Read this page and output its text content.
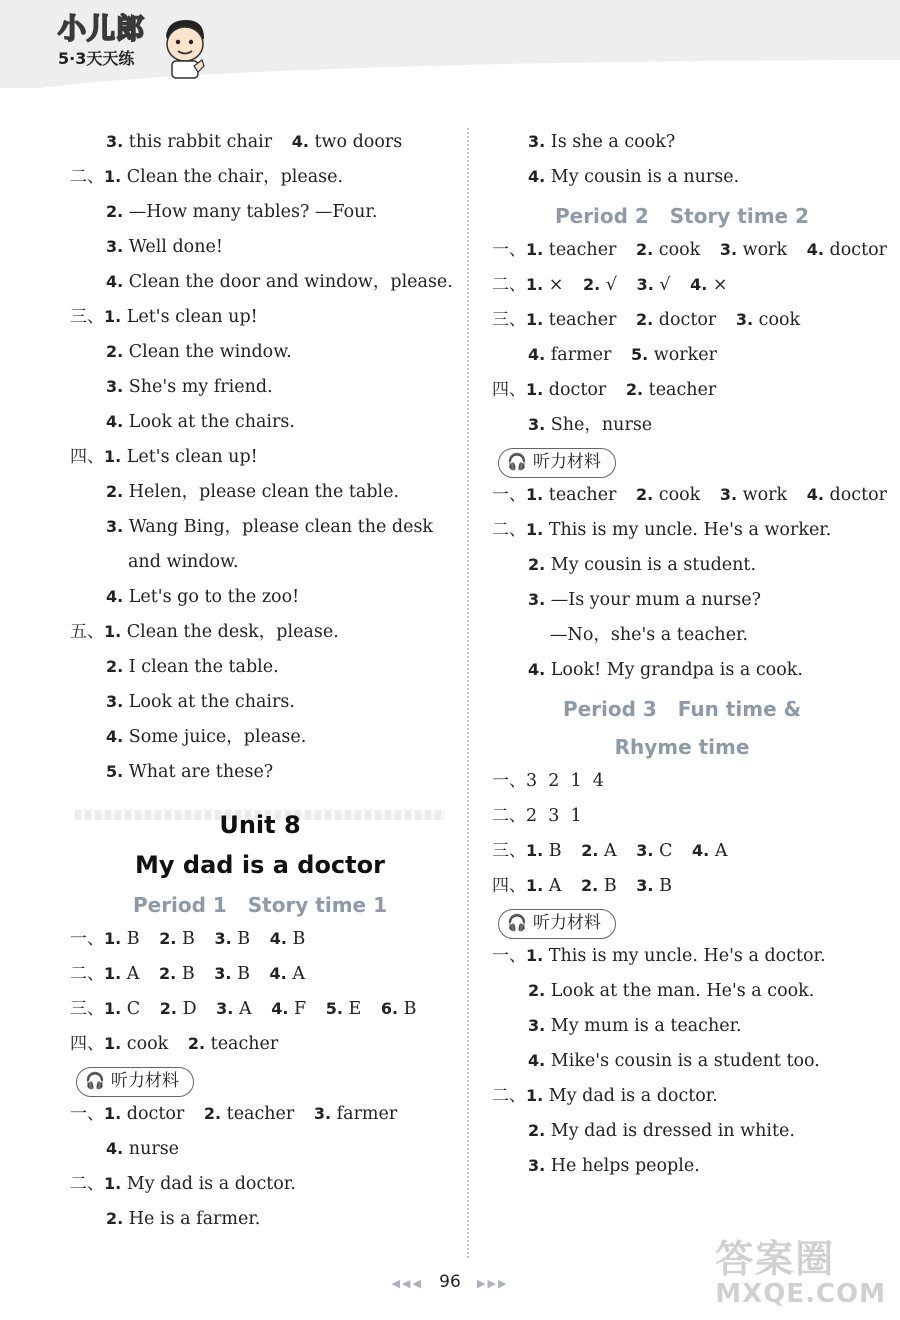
小儿郎
5·3天天练
3. this rabbit chair 4. two doors
二、1. Clean the chair，please.
2. —How many tables? —Four.
3. Well done!
4. Clean the door and window，please.
三、1. Let's clean up!
2. Clean the window.
3. She's my friend.
4. Look at the chairs.
四、1. Let's clean up!
2. Helen，please clean the table.
3. Wang Bing，please clean the desk
and window.
4. Let's go to the zoo!
五、1. Clean the desk，please.
2. I clean the table.
3. Look at the chairs.
4. Some juice，please.
5. What are these?
Unit 8
My dad is a doctor
Period 1   Story time 1
一、1. B 2. B 3. B 4. B
二、1. A 2. B 3. B 4. A
三、1. C 2. D 3. A 4. F 5. E 6. B
四、1. cook 2. teacher
🎧 听力材料
一、1. doctor 2. teacher 3. farmer
4. nurse
二、1. My dad is a doctor.
2. He is a farmer.
3. Is she a cook?
4. My cousin is a nurse.
Period 2   Story time 2
一、1. teacher 2. cook 3. work 4. doctor
二、1. × 2. √ 3. √ 4. ×
三、1. teacher 2. doctor 3. cook
4. farmer 5. worker
四、1. doctor 2. teacher
3. She，nurse
🎧 听力材料
一、1. teacher 2. cook 3. work 4. doctor
二、1. This is my uncle. He's a worker.
2. My cousin is a student.
3. —Is your mum a nurse?
—No，she's a teacher.
4. Look! My grandpa is a cook.
Period 3   Fun time &
Rhyme time
一、3  2  1  4
二、2  3  1
三、1. B 2. A 3. C 4. A
四、1. A 2. B 3. B
🎧 听力材料
一、1. This is my uncle. He's a doctor.
2. Look at the man. He's a cook.
3. My mum is a teacher.
4. Mike's cousin is a student too.
二、1. My dad is a doctor.
2. My dad is dressed in white.
3. He helps people.
◀◀◀ 96 ▶▶▶
答案圈
MXQE.COM
